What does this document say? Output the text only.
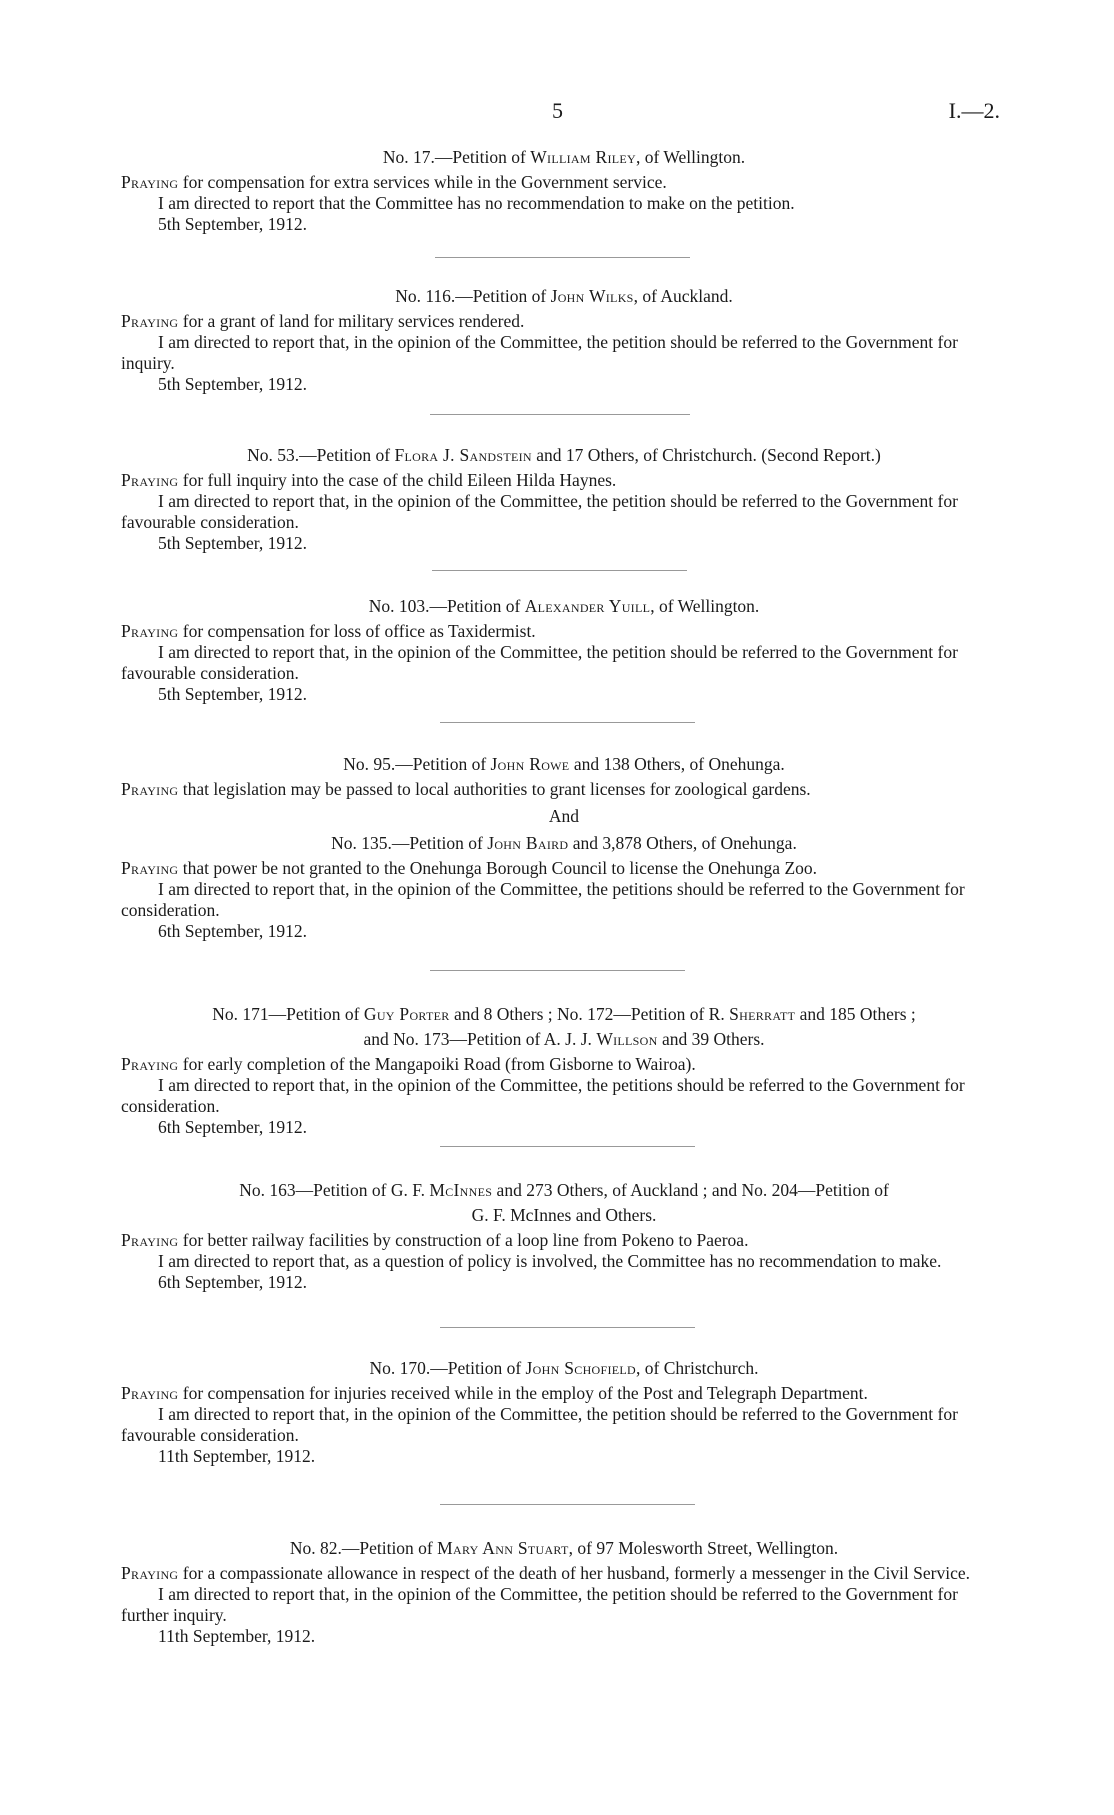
5	I.—2.
No. 17.—Petition of William Riley, of Wellington.

Praying for compensation for extra services while in the Government service.

I am directed to report that the Committee has no recommendation to make on the petition.

5th September, 1912.

No. 116.—Petition of John Wilks, of Auckland.

Praying for a grant of land for military services rendered.

I am directed to report that, in the opinion of the Committee, the petition should be referred to the Government for inquiry.

5th September, 1912.

No. 53.—Petition of Flora J. Sandstein and 17 Others, of Christchurch. (Second Report.)

Praying for full inquiry into the case of the child Eileen Hilda Haynes.

I am directed to report that, in the opinion of the Committee, the petition should be referred to the Government for favourable consideration.

5th September, 1912.

No. 103.—Petition of Alexander Yuill, of Wellington.

Praying for compensation for loss of office as Taxidermist.

I am directed to report that, in the opinion of the Committee, the petition should be referred to the Government for favourable consideration.

5th September, 1912.

No. 95.—Petition of John Rowe and 138 Others, of Onehunga.

Praying that legislation may be passed to local authorities to grant licenses for zoological gardens.

And
No. 135.—Petition of John Baird and 3,878 Others, of Onehunga.

Praying that power be not granted to the Onehunga Borough Council to license the Onehunga Zoo.

I am directed to report that, in the opinion of the Committee, the petitions should be referred to the Government for consideration.

6th September, 1912.

No. 171—Petition of Guy Porter and 8 Others ; No. 172—Petition of R. Sherratt and 185 Others ;
and No. 173—Petition of A. J. J. Willson and 39 Others.

Praying for early completion of the Mangapoiki Road (from Gisborne to Wairoa).

I am directed to report that, in the opinion of the Committee, the petitions should be referred to the Government for consideration.

6th September, 1912.

No. 163—Petition of G. F. McInnes and 273 Others, of Auckland ; and No. 204—Petition of
G. F. McInnes and Others.

Praying for better railway facilities by construction of a loop line from Pokeno to Paeroa.

I am directed to report that, as a question of policy is involved, the Committee has no recommendation to make.

6th September, 1912.

No. 170.—Petition of John Schofield, of Christchurch.

Praying for compensation for injuries received while in the employ of the Post and Telegraph Department.

I am directed to report that, in the opinion of the Committee, the petition should be referred to the Government for favourable consideration.

11th September, 1912.

No. 82.—Petition of Mary Ann Stuart, of 97 Molesworth Street, Wellington.

Praying for a compassionate allowance in respect of the death of her husband, formerly a messenger in the Civil Service.

I am directed to report that, in the opinion of the Committee, the petition should be referred to the Government for further inquiry.

11th September, 1912.
